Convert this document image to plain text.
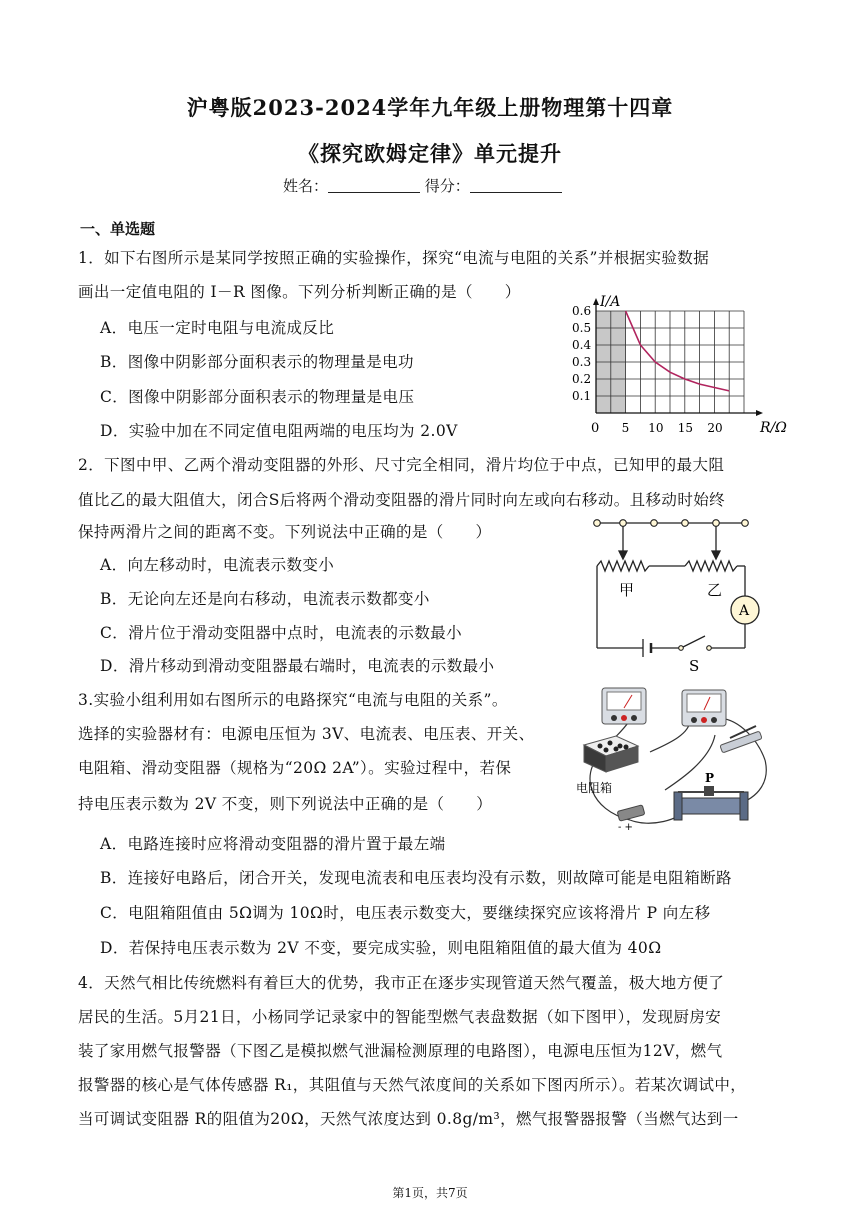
沪粤版2023-2024学年九年级上册物理第十四章
《探究欧姆定律》单元提升
姓名：	得分：
一、单选题
1．如下右图所示是某同学按照正确的实验操作，探究“电流与电阻的关系”并根据实验数据
画出一定值电阻的 I－R 图像。下列分析判断正确的是（　　）
A．电压一定时电阻与电流成反比
B．图像中阴影部分面积表示的物理量是电功
C．图像中阴影部分面积表示的物理量是电压
D．实验中加在不同定值电阻两端的电压均为 2.0V
0.1
0.2
0.3
0.4
0.5
0.6
5 10 15 20
I/A
R/Ω
0
2．下图中甲、乙两个滑动变阻器的外形、尺寸完全相同，滑片均位于中点，已知甲的最大阻
值比乙的最大阻值大，闭合S后将两个滑动变阻器的滑片同时向左或向右移动。且移动时始终
保持两滑片之间的距离不变。下列说法中正确的是（　　）
A．向左移动时，电流表示数变小
B．无论向左还是向右移动，电流表示数都变小
C．滑片位于滑动变阻器中点时，电流表的示数最小
D．滑片移动到滑动变阻器最右端时，电流表的示数最小
甲	乙
A
S
3.实验小组利用如右图所示的电路探究“电流与电阻的关系”。
选择的实验器材有：电源电压恒为 3V、电流表、电压表、开关、
电阻箱、滑动变阻器（规格为“20Ω 2A”）。实验过程中，若保
持电压表示数为 2V 不变，则下列说法中正确的是（　　）
A．电路连接时应将滑动变阻器的滑片置于最左端
B．连接好电路后，闭合开关，发现电流表和电压表均没有示数，则故障可能是电阻箱断路
C．电阻箱阻值由 5Ω调为 10Ω时，电压表示数变大，要继续探究应该将滑片 P 向左移
D．若保持电压表示数为 2V 不变，要完成实验，则电阻箱阻值的最大值为 40Ω
电阻箱
- +
P
4．天然气相比传统燃料有着巨大的优势，我市正在逐步实现管道天然气覆盖，极大地方便了
居民的生活。5月21日，小杨同学记录家中的智能型燃气表盘数据（如下图甲），发现厨房安
装了家用燃气报警器（下图乙是模拟燃气泄漏检测原理的电路图），电源电压恒为12V，燃气
报警器的核心是气体传感器 R₁，其阻值与天然气浓度间的关系如下图丙所示）。若某次调试中，
当可调试变阻器 R的阻值为20Ω，天然气浓度达到 0.8g/m³，燃气报警器报警（当燃气达到一
第1页，共7页
